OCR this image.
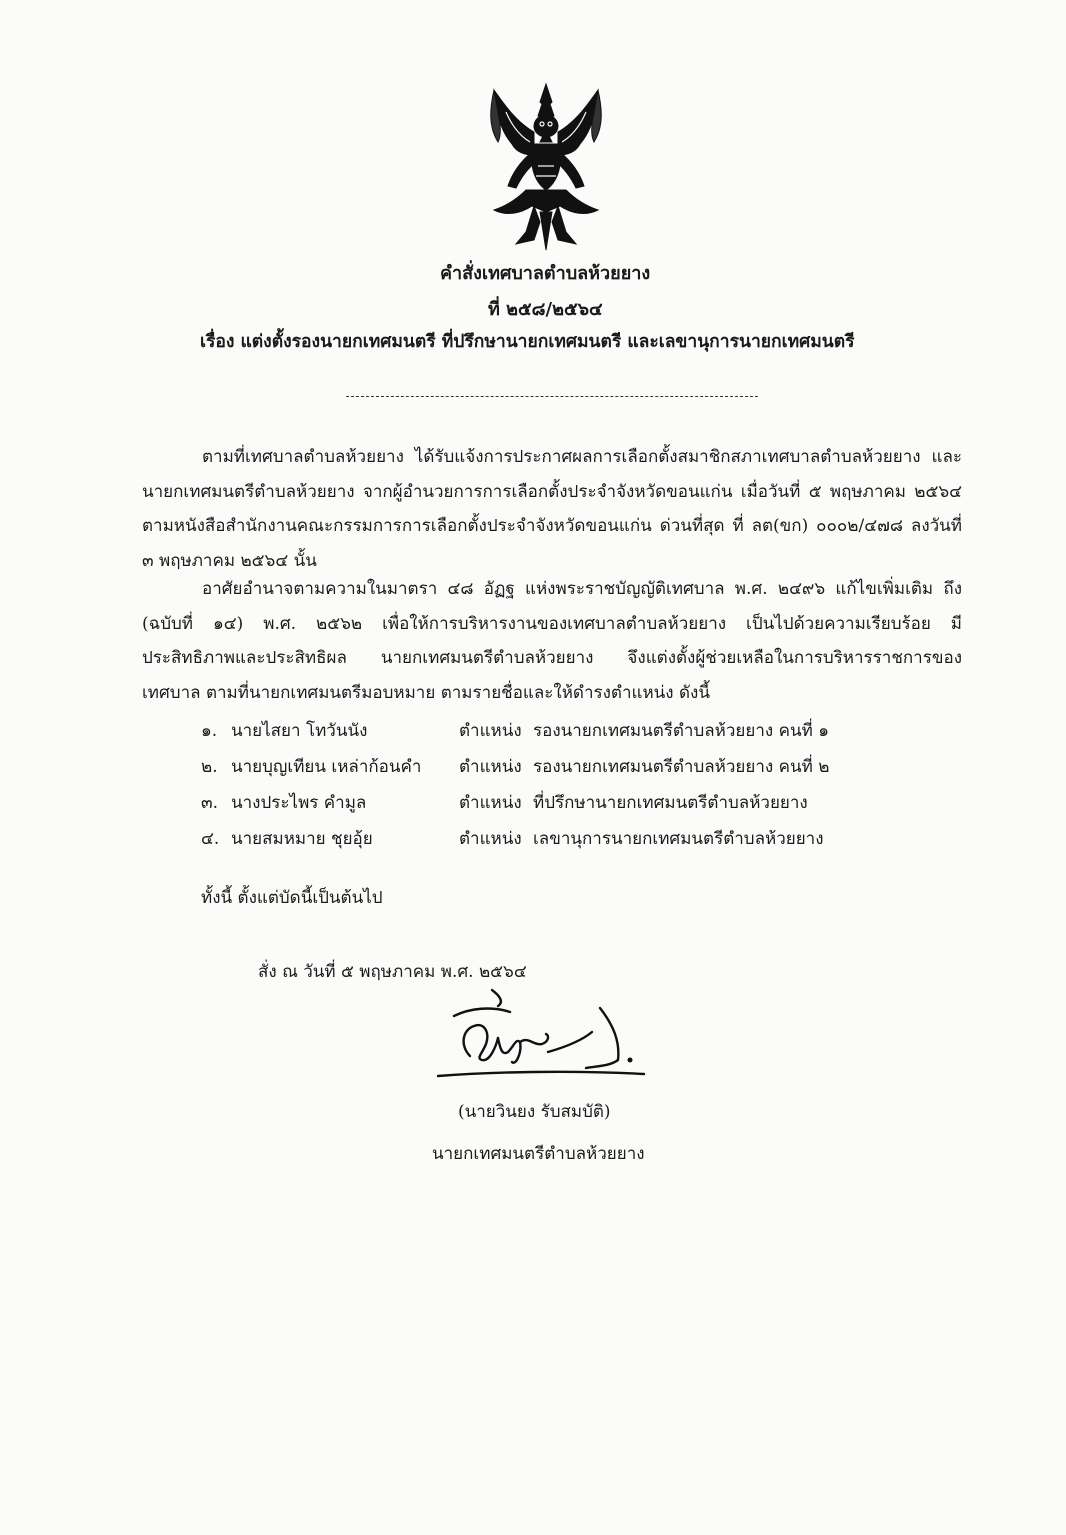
คำสั่งเทศบาลตำบลห้วยยาง
ที่ ๒๕๘/๒๕๖๔
เรื่อง แต่งตั้งรองนายกเทศมนตรี ที่ปรึกษานายกเทศมนตรี และเลขานุการนายกเทศมนตรี
ตามที่เทศบาลตำบลห้วยยาง ได้รับแจ้งการประกาศผลการเลือกตั้งสมาชิกสภาเทศบาลตำบลห้วยยาง และนายกเทศมนตรีตำบลห้วยยาง จากผู้อำนวยการการเลือกตั้งประจำจังหวัดขอนแก่น เมื่อวันที่ ๕ พฤษภาคม ๒๕๖๔ ตามหนังสือสำนักงานคณะกรรมการการเลือกตั้งประจำจังหวัดขอนแก่น ด่วนที่สุด ที่ ลต(ขก) ๐๐๐๒/๔๗๘ ลงวันที่ ๓ พฤษภาคม ๒๕๖๔ นั้น
อาศัยอำนาจตามความในมาตรา ๔๘ อัฏฐ แห่งพระราชบัญญัติเทศบาล พ.ศ. ๒๔๙๖ แก้ไขเพิ่มเติม ถึง (ฉบับที่ ๑๔) พ.ศ. ๒๕๖๒ เพื่อให้การบริหารงานของเทศบาลตำบลห้วยยาง เป็นไปด้วยความเรียบร้อย มีประสิทธิภาพและประสิทธิผล นายกเทศมนตรีตำบลห้วยยาง จึงแต่งตั้งผู้ช่วยเหลือในการบริหารราชการของเทศบาล ตามที่นายกเทศมนตรีมอบหมาย ตามรายชื่อและให้ดำรงตำแหน่ง ดังนี้
๑. นายไสยา โทวันนัง	ตำแหน่ง รองนายกเทศมนตรีตำบลห้วยยาง คนที่ ๑
๒. นายบุญเทียน เหล่าก้อนคำ	ตำแหน่ง รองนายกเทศมนตรีตำบลห้วยยาง คนที่ ๒
๓. นางประไพร คำมูล	ตำแหน่ง ที่ปรึกษานายกเทศมนตรีตำบลห้วยยาง
๔. นายสมหมาย ชุยอุ้ย	ตำแหน่ง เลขานุการนายกเทศมนตรีตำบลห้วยยาง
ทั้งนี้ ตั้งแต่บัดนี้เป็นต้นไป
สั่ง ณ วันที่ ๕ พฤษภาคม พ.ศ. ๒๕๖๔
(นายวินยง รับสมบัติ)
นายกเทศมนตรีตำบลห้วยยาง
